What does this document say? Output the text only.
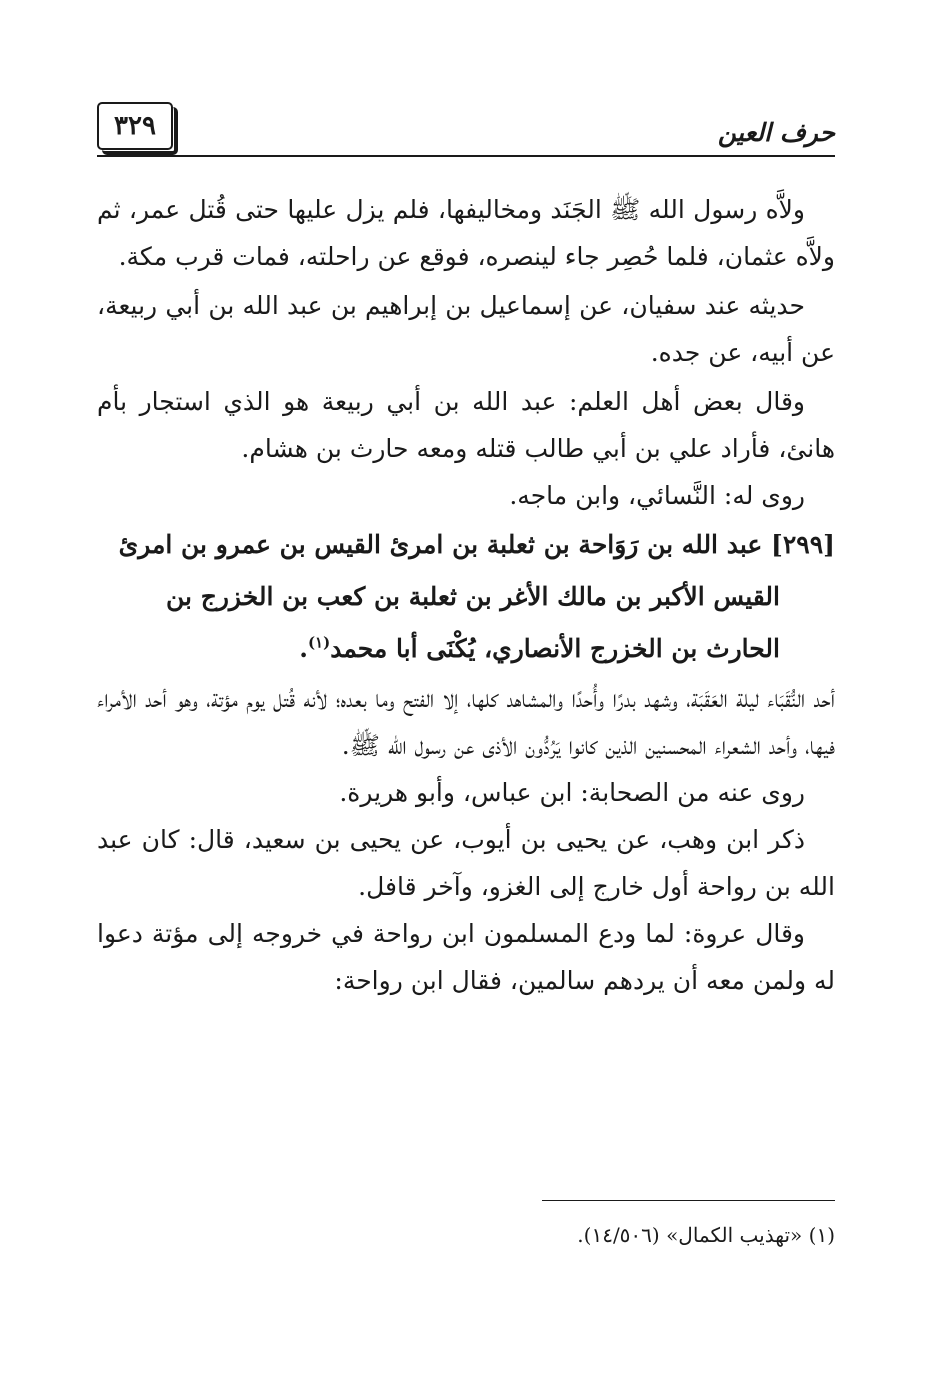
٣٢٩	حرف العين

ولاَّه رسول الله ﷺ الجَنَد ومخاليفها، فلم يزل عليها حتى قُتل عمر، ثم ولاَّه عثمان، فلما حُصِر جاء لينصره، فوقع عن راحلته، فمات قرب مكة.

حديثه عند سفيان، عن إسماعيل بن إبراهيم بن عبد الله بن أبي ربيعة، عن أبيه، عن جده.

وقال بعض أهل العلم: عبد الله بن أبي ربيعة هو الذي استجار بأم هانئ، فأراد علي بن أبي طالب قتله ومعه حارث بن هشام.

روى له: النَّسائي، وابن ماجه.

[٢٩٩] عبد الله بن رَوَاحة بن ثعلبة بن امرئ القيس بن عمرو بن امرئ
القيس الأكبر بن مالك الأغر بن ثعلبة بن كعب بن الخزرج بن
الحارث بن الخزرج الأنصاري، يُكْنَى أبا محمد$^{(١)}$.

أحد النُّقَبَاء ليلة العَقَبَة، وشهد بدرًا وأُحدًا والمشاهد كلها، إلا الفتح وما بعده؛ لأنه قُتل يوم مؤتة، وهو أحد الأمراء فيها، وأحد الشعراء المحسنين الذين كانوا يَرُدُّون الأذى عن رسول الله ﷺ.

روى عنه من الصحابة: ابن عباس، وأبو هريرة.

ذكر ابن وهب، عن يحيى بن أيوب، عن يحيى بن سعيد، قال: كان عبد الله بن رواحة أول خارج إلى الغزو، وآخر قافل.

وقال عروة: لما ودع المسلمون ابن رواحة في خروجه إلى مؤتة دعوا له ولمن معه أن يردهم سالمين، فقال ابن رواحة:

(١) «تهذيب الكمال» (١٤/٥٠٦).
